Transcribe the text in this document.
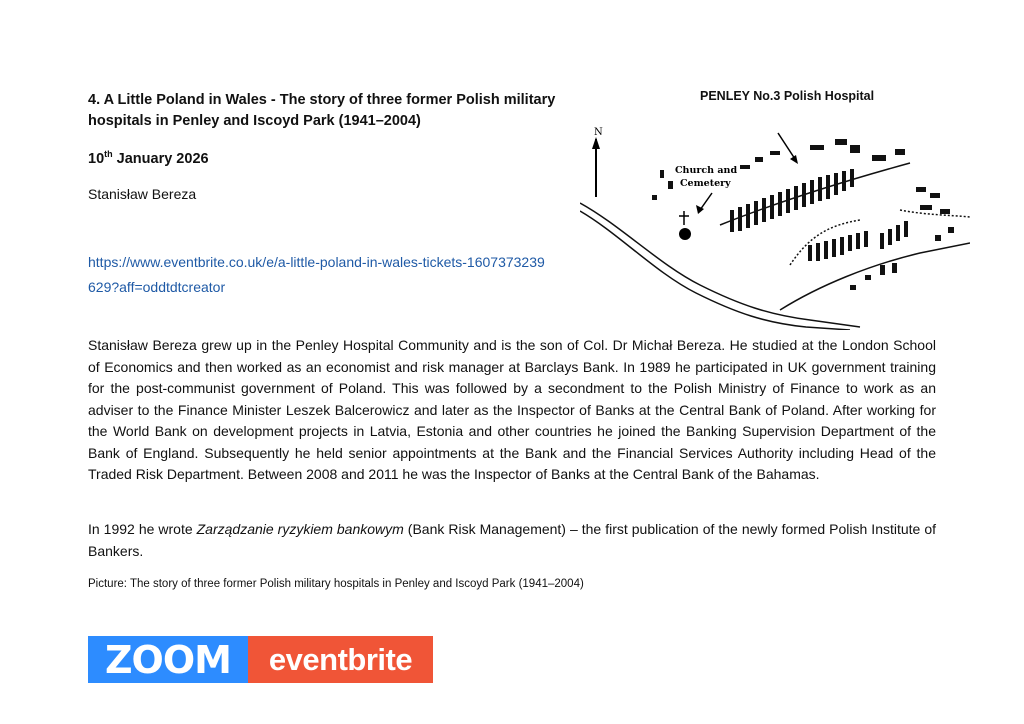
4. A Little Poland in Wales - The story of three former Polish military hospitals in Penley and Iscoyd Park (1941–2004)
10th January 2026
Stanisław Bereza
https://www.eventbrite.co.uk/e/a-little-poland-in-wales-tickets-1607373239629?aff=oddtdtcreator
PENLEY No.3 Polish Hospital
N
Church and
Cemetery

Stanisław Bereza grew up in the Penley Hospital Community and is the son of Col. Dr Michał Bereza. He studied at the London School of Economics and then worked as an economist and risk manager at Barclays Bank. In 1989 he participated in UK government training for the post-communist government of Poland. This was followed by a secondment to the Polish Ministry of Finance to work as an adviser to the Finance Minister Leszek Balcerowicz and later as the Inspector of Banks at the Central Bank of Poland. After working for the World Bank on development projects in Latvia, Estonia and other countries he joined the Banking Supervision Department of the Bank of England. Subsequently he held senior appointments at the Bank and the Financial Services Authority including Head of the Traded Risk Department. Between 2008 and 2011 he was the Inspector of Banks at the Central Bank of the Bahamas.

In 1992 he wrote Zarządzanie ryzykiem bankowym (Bank Risk Management) – the first publication of the newly formed Polish Institute of Bankers.

Picture: The story of three former Polish military hospitals in Penley and Iscoyd Park (1941–2004)
ZOOM	eventbrite
